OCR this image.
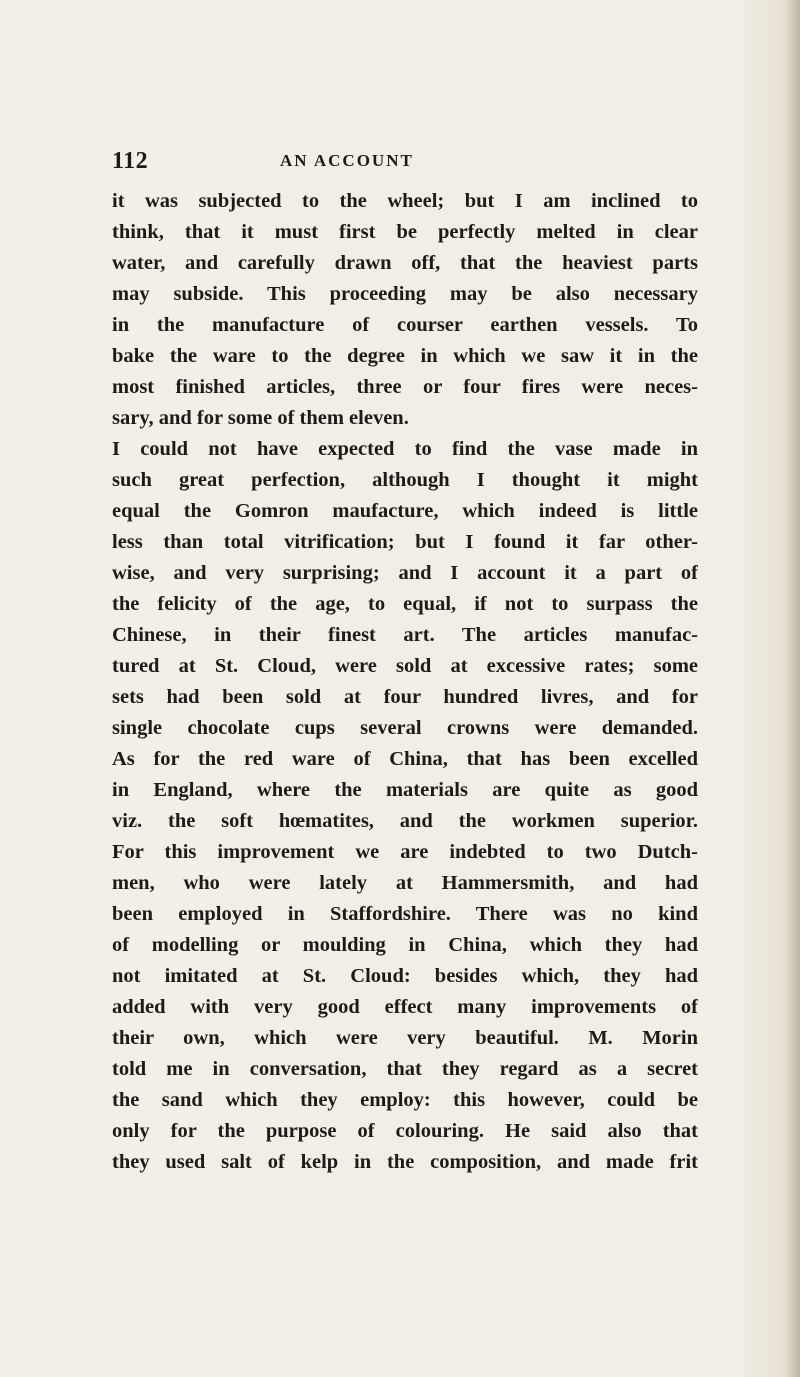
112	AN ACCOUNT
it was subjected to the wheel; but I am inclined to
think, that it must first be perfectly melted in clear
water, and carefully drawn off, that the heaviest parts
may subside. This proceeding may be also necessary
in the manufacture of courser earthen vessels. To
bake the ware to the degree in which we saw it in the
most finished articles, three or four fires were neces-
sary, and for some of them eleven.
I could not have expected to find the vase made in
such great perfection, although I thought it might
equal the Gomron maufacture, which indeed is little
less than total vitrification; but I found it far other-
wise, and very surprising; and I account it a part of
the felicity of the age, to equal, if not to surpass the
Chinese, in their finest art. The articles manufac-
tured at St. Cloud, were sold at excessive rates; some
sets had been sold at four hundred livres, and for
single chocolate cups several crowns were demanded.
As for the red ware of China, that has been excelled
in England, where the materials are quite as good
viz. the soft hœmatites, and the workmen superior.
For this improvement we are indebted to two Dutch-
men, who were lately at Hammersmith, and had
been employed in Staffordshire. There was no kind
of modelling or moulding in China, which they had
not imitated at St. Cloud: besides which, they had
added with very good effect many improvements of
their own, which were very beautiful. M. Morin
told me in conversation, that they regard as a secret
the sand which they employ: this however, could be
only for the purpose of colouring. He said also that
they used salt of kelp in the composition, and made frit
